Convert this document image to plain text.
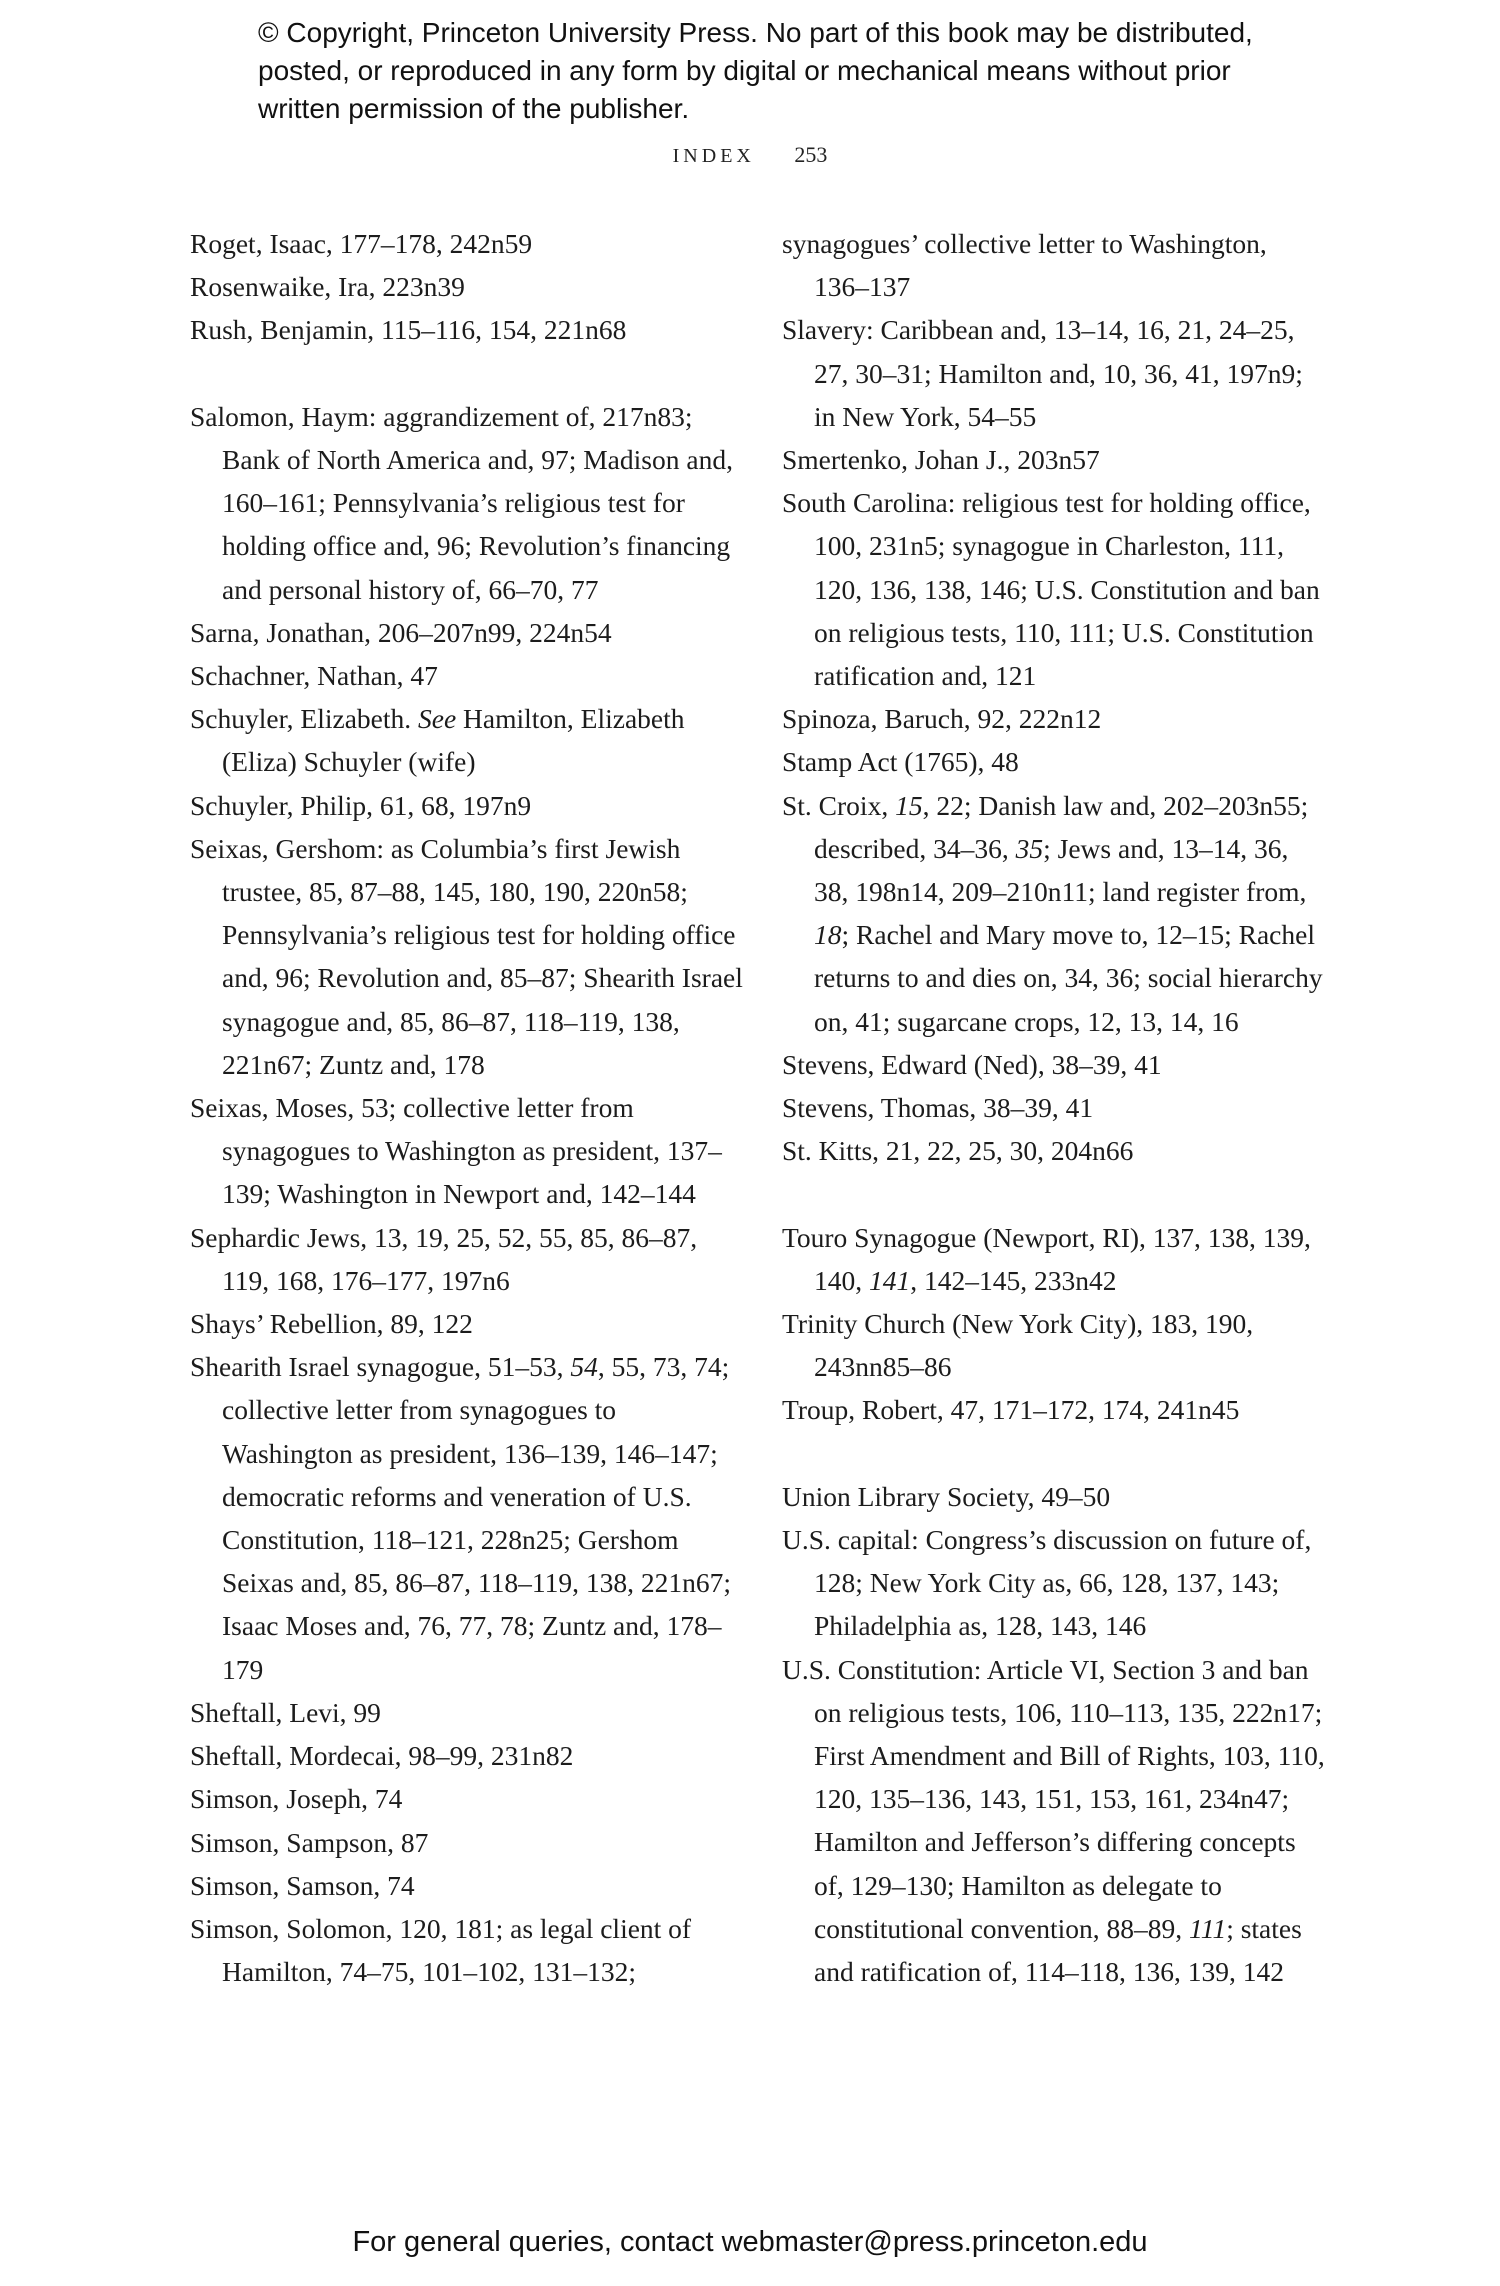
© Copyright, Princeton University Press. No part of this book may be distributed, posted, or reproduced in any form by digital or mechanical means without prior written permission of the publisher.
INDEX 253

Roget, Isaac, 177–178, 242n59

Rosenwaike, Ira, 223n39

Rush, Benjamin, 115–116, 154, 221n68

Salomon, Haym: aggrandizement of, 217n83; Bank of North America and, 97; Madison and, 160–161; Pennsylvania’s religious test for holding office and, 96; Revolution’s financing and personal history of, 66–70, 77

Sarna, Jonathan, 206–207n99, 224n54

Schachner, Nathan, 47

Schuyler, Elizabeth. See Hamilton, Elizabeth (Eliza) Schuyler (wife)

Schuyler, Philip, 61, 68, 197n9

Seixas, Gershom: as Columbia’s first Jewish trustee, 85, 87–88, 145, 180, 190, 220n58; Pennsylvania’s religious test for holding office and, 96; Revolution and, 85–87; Shearith Israel synagogue and, 85, 86–87, 118–119, 138, 221n67; Zuntz and, 178

Seixas, Moses, 53; collective letter from synagogues to Washington as president, 137–139; Washington in Newport and, 142–144

Sephardic Jews, 13, 19, 25, 52, 55, 85, 86–87, 119, 168, 176–177, 197n6

Shays’ Rebellion, 89, 122

Shearith Israel synagogue, 51–53, 54, 55, 73, 74; collective letter from synagogues to Washington as president, 136–139, 146–147; democratic reforms and veneration of U.S. Constitution, 118–121, 228n25; Gershom Seixas and, 85, 86–87, 118–119, 138, 221n67; Isaac Moses and, 76, 77, 78; Zuntz and, 178–179

Sheftall, Levi, 99

Sheftall, Mordecai, 98–99, 231n82

Simson, Joseph, 74

Simson, Sampson, 87

Simson, Samson, 74

Simson, Solomon, 120, 181; as legal client of Hamilton, 74–75, 101–102, 131–132;

synagogues’ collective letter to Washington, 136–137

Slavery: Caribbean and, 13–14, 16, 21, 24–25, 27, 30–31; Hamilton and, 10, 36, 41, 197n9; in New York, 54–55

Smertenko, Johan J., 203n57

South Carolina: religious test for holding office, 100, 231n5; synagogue in Charleston, 111, 120, 136, 138, 146; U.S. Constitution and ban on religious tests, 110, 111; U.S. Constitution ratification and, 121

Spinoza, Baruch, 92, 222n12

Stamp Act (1765), 48

St. Croix, 15, 22; Danish law and, 202–203n55; described, 34–36, 35; Jews and, 13–14, 36, 38, 198n14, 209–210n11; land register from, 18; Rachel and Mary move to, 12–15; Rachel returns to and dies on, 34, 36; social hierarchy on, 41; sugarcane crops, 12, 13, 14, 16

Stevens, Edward (Ned), 38–39, 41

Stevens, Thomas, 38–39, 41

St. Kitts, 21, 22, 25, 30, 204n66

Touro Synagogue (Newport, RI), 137, 138, 139, 140, 141, 142–145, 233n42

Trinity Church (New York City), 183, 190, 243nn85–86

Troup, Robert, 47, 171–172, 174, 241n45

Union Library Society, 49–50

U.S. capital: Congress’s discussion on future of, 128; New York City as, 66, 128, 137, 143; Philadelphia as, 128, 143, 146

U.S. Constitution: Article VI, Section 3 and ban on religious tests, 106, 110–113, 135, 222n17; First Amendment and Bill of Rights, 103, 110, 120, 135–136, 143, 151, 153, 161, 234n47; Hamilton and Jefferson’s differing concepts of, 129–130; Hamilton as delegate to constitutional convention, 88–89, 111; states and ratification of, 114–118, 136, 139, 142

For general queries, contact webmaster@press.princeton.edu
